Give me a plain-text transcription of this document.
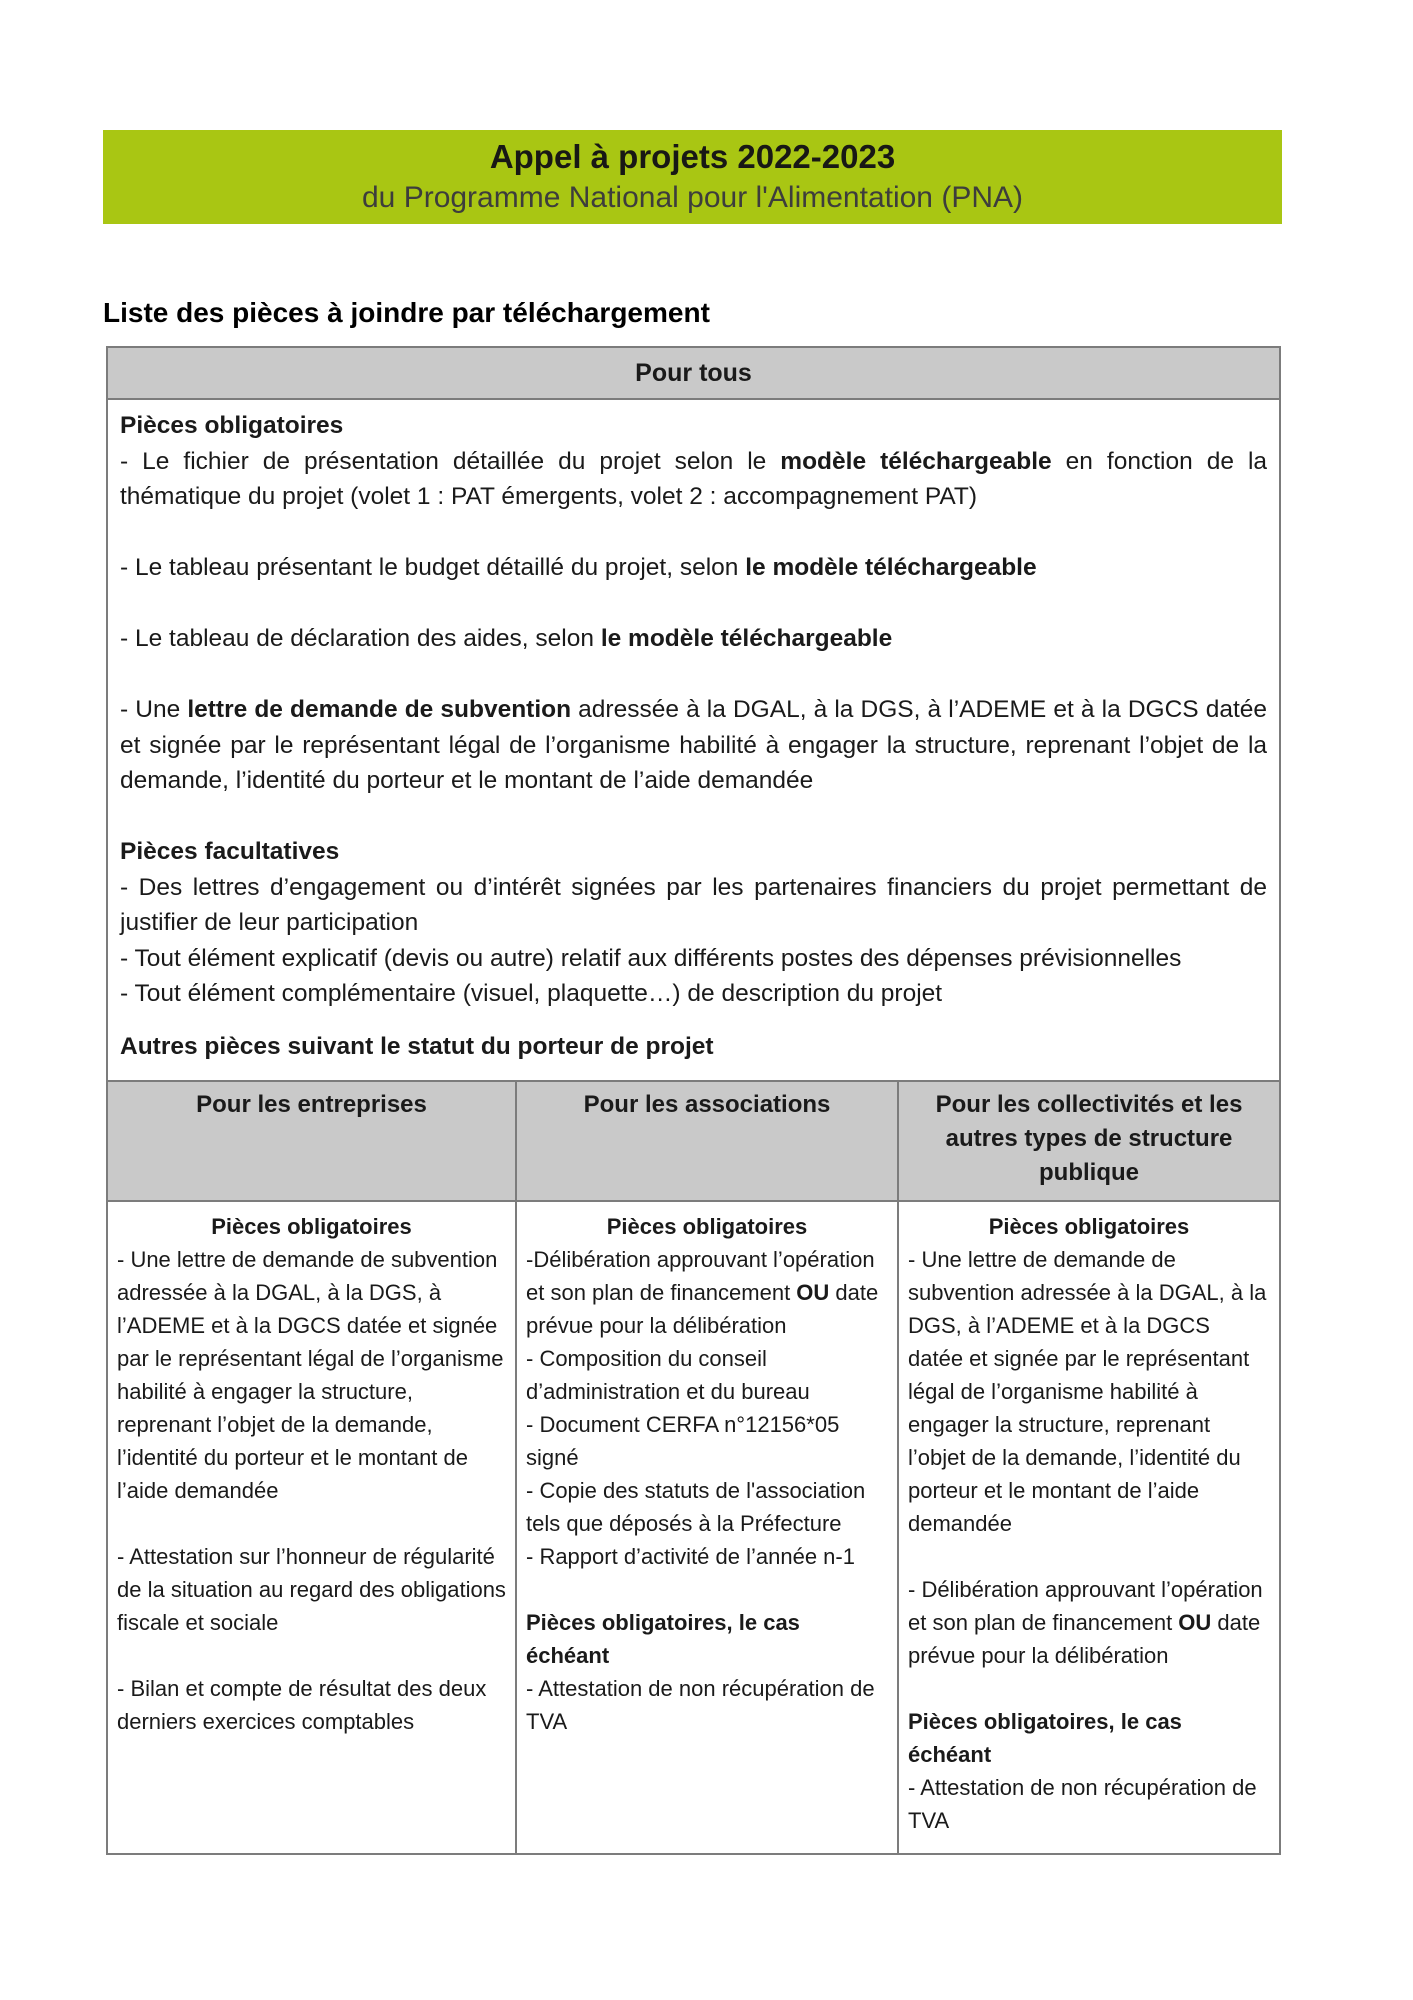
Appel à projets 2022-2023
du Programme National pour l'Alimentation (PNA)
Liste des pièces à joindre par téléchargement
Pour tous		

Pièces obligatoires
- Le fichier de présentation détaillée du projet selon le modèle téléchargeable en fonction de la thématique du projet (volet 1 : PAT émergents, volet 2 : accompagnement PAT)
- Le tableau présentant le budget détaillé du projet, selon le modèle téléchargeable
- Le tableau de déclaration des aides, selon le modèle téléchargeable
- Une lettre de demande de subvention adressée à la DGAL, à la DGS, à l’ADEME et à la DGCS datée et signée par le représentant légal de l’organisme habilité à engager la structure, reprenant l’objet de la demande, l’identité du porteur et le montant de l’aide demandée
Pièces facultatives
- Des lettres d’engagement ou d’intérêt signées par les partenaires financiers du projet permettant de justifier de leur participation
- Tout élément explicatif (devis ou autre) relatif aux différents postes des dépenses prévisionnelles
- Tout élément complémentaire (visuel, plaquette…) de description du projet
Autres pièces suivant le statut du porteur de projet

Pour les entreprises	Pour les associations	Pour les collectivités et les autres types de structure publique

Pièces obligatoires
- Une lettre de demande de subvention adressée à la DGAL, à la DGS, à l’ADEME et à la DGCS datée et signée par le représentant légal de l’organisme habilité à engager la structure, reprenant l’objet de la demande, l’identité du porteur et le montant de l’aide demandée
- Attestation sur l’honneur de régularité de la situation au regard des obligations fiscale et sociale
- Bilan et compte de résultat des deux derniers exercices comptables

Pièces obligatoires
-Délibération approuvant l’opération et son plan de financement OU date prévue pour la délibération
- Composition du conseil d’administration et du bureau
- Document CERFA n°12156*05 signé
- Copie des statuts de l'association tels que déposés à la Préfecture
- Rapport d’activité de l’année n-1
Pièces obligatoires, le cas échéant
- Attestation de non récupération de TVA

Pièces obligatoires
- Une lettre de demande de subvention adressée à la DGAL, à la DGS, à l’ADEME et à la DGCS datée et signée par le représentant légal de l’organisme habilité à engager la structure, reprenant l’objet de la demande, l’identité du porteur et le montant de l’aide demandée
- Délibération approuvant l’opération et son plan de financement OU date prévue pour la délibération
Pièces obligatoires, le cas échéant
- Attestation de non récupération de TVA
